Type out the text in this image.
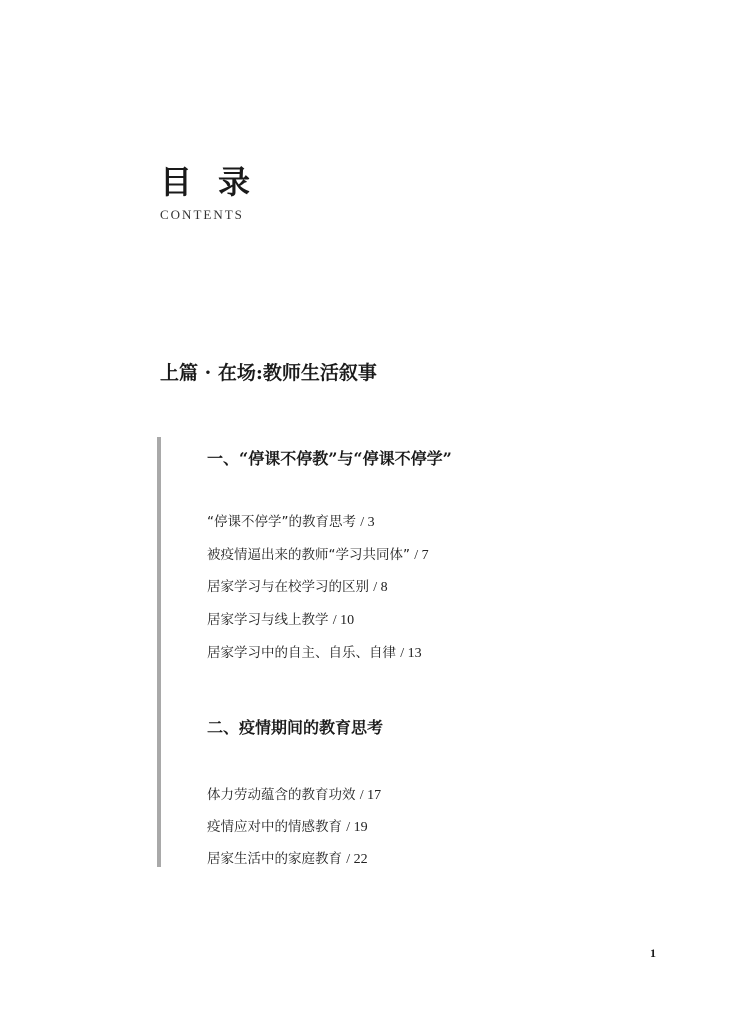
目录
CONTENTS
上篇 · 在场:教师生活叙事
一、“停课不停教”与“停课不停学”
“停课不停学”的教育思考 / 3
被疫情逼出来的教师“学习共同体” / 7
居家学习与在校学习的区别 / 8
居家学习与线上教学 / 10
居家学习中的自主、自乐、自律 / 13
二、疫情期间的教育思考
体力劳动蕴含的教育功效 / 17
疫情应对中的情感教育 / 19
居家生活中的家庭教育 / 22
1
